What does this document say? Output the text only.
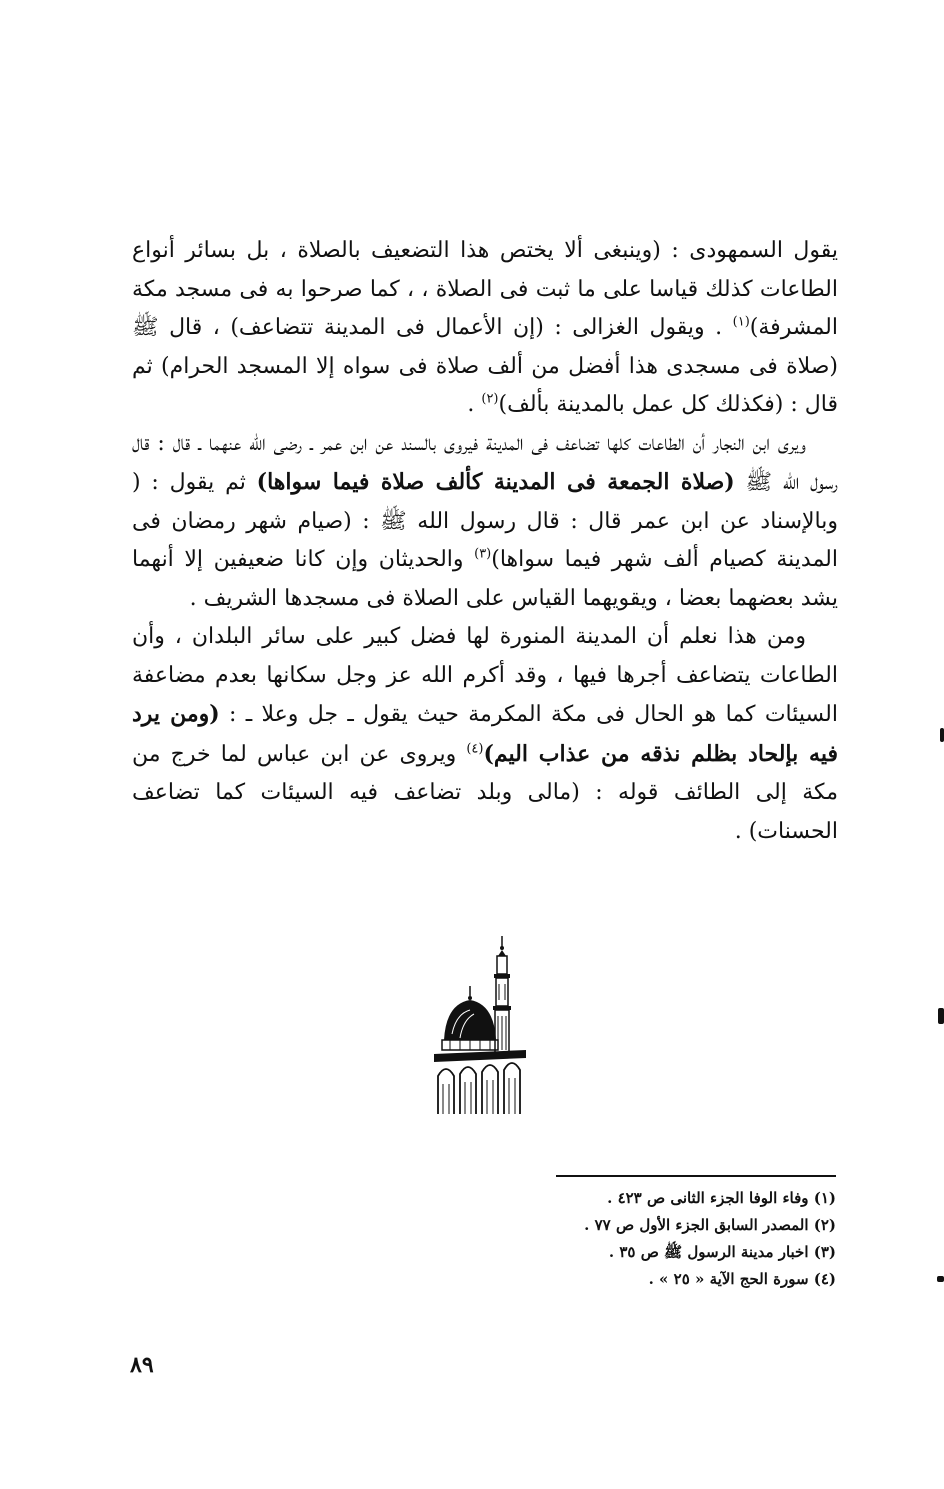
يقول السمهودى : (وينبغى ألا يختص هذا التضعيف بالصلاة ، بل بسائر أنواع الطاعات كذلك قياسا على ما ثبت فى الصلاة ، ، كما صرحوا به فى مسجد مكة المشرفة)$^{(١)}$ . ويقول الغزالى : (إن الأعمال فى المدينة تتضاعف) ، قال ﷺ (صلاة فى مسجدى هذا أفضل من ألف صلاة فى سواه إلا المسجد الحرام) ثم قال : (فكذلك كل عمل بالمدينة بألف)$^{(٢)}$ .

ويرى ابن النجار أن الطاعات كلها تضاعف فى المدينة فيروى بالسند عن ابن عمر ـ رضى الله عنهما ـ قال : قال رسول الله ﷺ (صلاة الجمعة فى المدينة كألف صلاة فيما سواها) ثم يقول : ( وبالإسناد عن ابن عمر قال : قال رسول الله ﷺ : (صيام شهر رمضان فى المدينة كصيام ألف شهر فيما سواها)$^{(٣)}$ والحديثان وإن كانا ضعيفين إلا أنهما يشد بعضهما بعضا ، ويقويهما القياس على الصلاة فى مسجدها الشريف .

ومن هذا نعلم أن المدينة المنورة لها فضل كبير على سائر البلدان ، وأن الطاعات يتضاعف أجرها فيها ، وقد أكرم الله عز وجل سكانها بعدم مضاعفة السيئات كما هو الحال فى مكة المكرمة حيث يقول ـ جل وعلا ـ : (ومن يرد فيه بإلحاد بظلم نذقه من عذاب اليم)$^{(٤)}$ ويروى عن ابن عباس لما خرج من مكة إلى الطائف قوله : (مالى وبلد تضاعف فيه السيئات كما تضاعف الحسنات) .

(١) وفاء الوفا الجزء الثانى ص ٤٢٣ .
(٢) المصدر السابق الجزء الأول ص ٧٧ .
(٣) اخبار مدينة الرسول ﷺ ص ٣٥ .
(٤) سورة الحج الآية « ٢٥ » .
٨٩
